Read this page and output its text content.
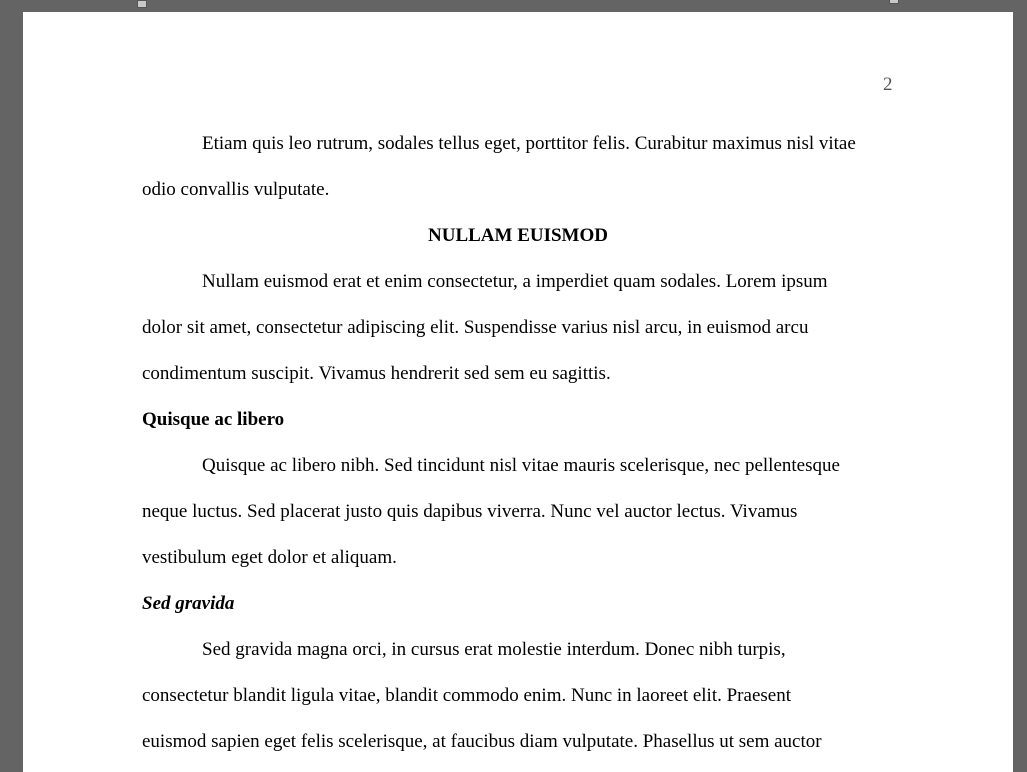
2
Etiam quis leo rutrum, sodales tellus eget, porttitor felis. Curabitur maximus nisl vitae
odio convallis vulputate.
NULLAM EUISMOD
Nullam euismod erat et enim consectetur, a imperdiet quam sodales. Lorem ipsum
dolor sit amet, consectetur adipiscing elit. Suspendisse varius nisl arcu, in euismod arcu
condimentum suscipit. Vivamus hendrerit sed sem eu sagittis.
Quisque ac libero
Quisque ac libero nibh. Sed tincidunt nisl vitae mauris scelerisque, nec pellentesque
neque luctus. Sed placerat justo quis dapibus viverra. Nunc vel auctor lectus. Vivamus
vestibulum eget dolor et aliquam.
Sed gravida
Sed gravida magna orci, in cursus erat molestie interdum. Donec nibh turpis,
consectetur blandit ligula vitae, blandit commodo enim. Nunc in laoreet elit. Praesent
euismod sapien eget felis scelerisque, at faucibus diam vulputate. Phasellus ut sem auctor
